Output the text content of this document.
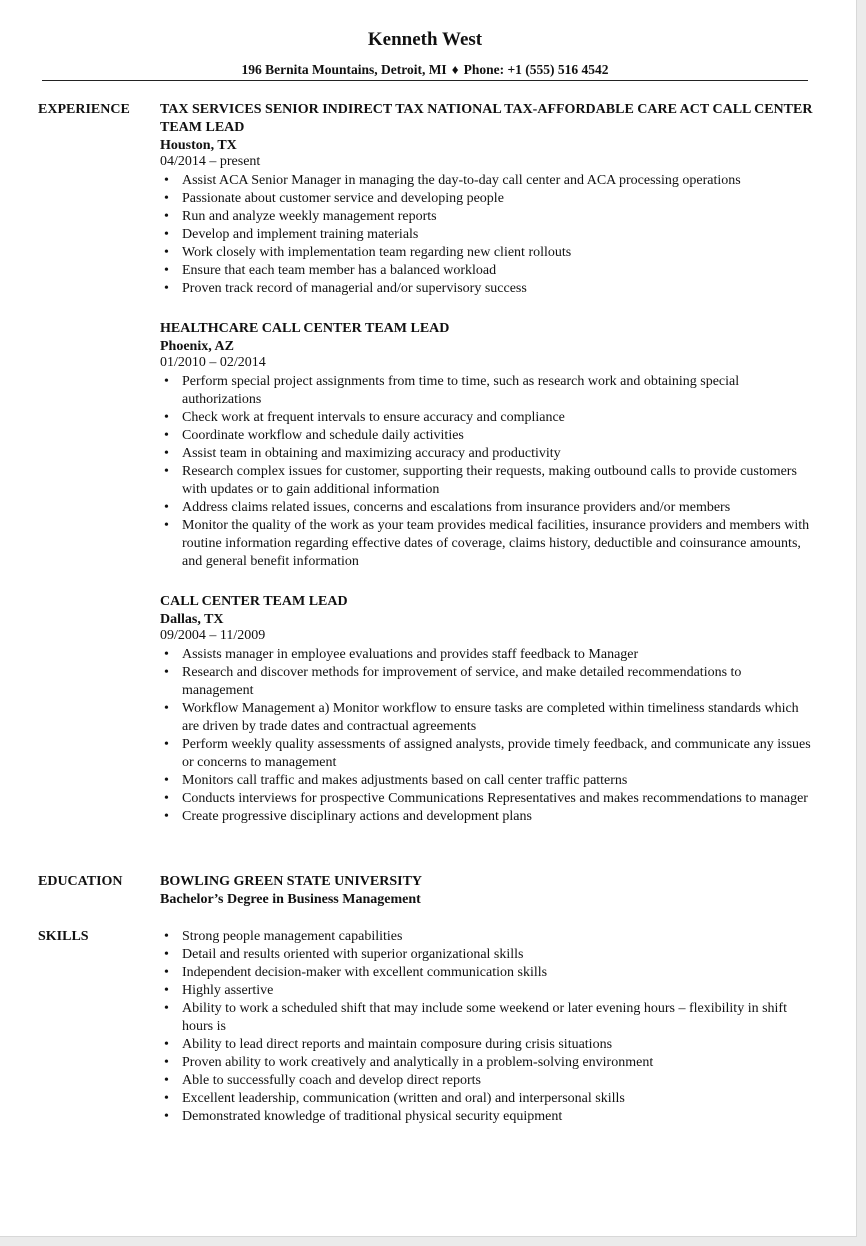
Kenneth West
196 Bernita Mountains, Detroit, MI ♦ Phone: +1 (555) 516 4542
EXPERIENCE	TAX SERVICES SENIOR INDIRECT TAX NATIONAL TAX-AFFORDABLE CARE ACT CALL CENTER TEAM LEAD
Houston, TX
04/2014 – present
• Assist ACA Senior Manager in managing the day-to-day call center and ACA processing operations
• Passionate about customer service and developing people
• Run and analyze weekly management reports
• Develop and implement training materials
• Work closely with implementation team regarding new client rollouts
• Ensure that each team member has a balanced workload
• Proven track record of managerial and/or supervisory success
HEALTHCARE CALL CENTER TEAM LEAD
Phoenix, AZ
01/2010 – 02/2014
• Perform special project assignments from time to time, such as research work and obtaining special authorizations
• Check work at frequent intervals to ensure accuracy and compliance
• Coordinate workflow and schedule daily activities
• Assist team in obtaining and maximizing accuracy and productivity
• Research complex issues for customer, supporting their requests, making outbound calls to provide customers with updates or to gain additional information
• Address claims related issues, concerns and escalations from insurance providers and/or members
• Monitor the quality of the work as your team provides medical facilities, insurance providers and members with routine information regarding effective dates of coverage, claims history, deductible and coinsurance amounts, and general benefit information
CALL CENTER TEAM LEAD
Dallas, TX
09/2004 – 11/2009
• Assists manager in employee evaluations and provides staff feedback to Manager
• Research and discover methods for improvement of service, and make detailed recommendations to management
• Workflow Management a) Monitor workflow to ensure tasks are completed within timeliness standards which are driven by trade dates and contractual agreements
• Perform weekly quality assessments of assigned analysts, provide timely feedback, and communicate any issues or concerns to management
• Monitors call traffic and makes adjustments based on call center traffic patterns
• Conducts interviews for prospective Communications Representatives and makes recommendations to manager
• Create progressive disciplinary actions and development plans
EDUCATION	BOWLING GREEN STATE UNIVERSITY
Bachelor’s Degree in Business Management
SKILLS	• Strong people management capabilities
• Detail and results oriented with superior organizational skills
• Independent decision-maker with excellent communication skills
• Highly assertive
• Ability to work a scheduled shift that may include some weekend or later evening hours – flexibility in shift hours is
• Ability to lead direct reports and maintain composure during crisis situations
• Proven ability to work creatively and analytically in a problem-solving environment
• Able to successfully coach and develop direct reports
• Excellent leadership, communication (written and oral) and interpersonal skills
• Demonstrated knowledge of traditional physical security equipment
